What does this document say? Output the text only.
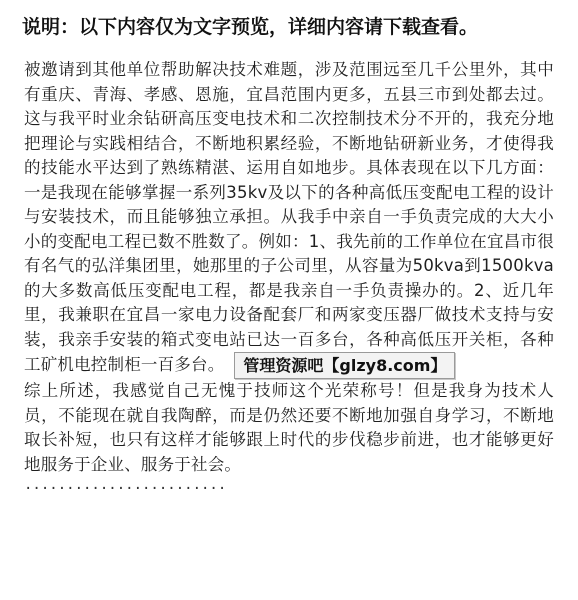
说明：以下内容仅为文字预览，详细内容请下载查看。

被邀请到其他单位帮助解决技术难题，涉及范围远至几千公里外，其中有重庆、青海、孝感、恩施，宜昌范围内更多，五县三市到处都去过。这与我平时业余钻研高压变电技术和二次控制技术分不开的，我充分地把理论与实践相结合，不断地积累经验，不断地钻研新业务，才使得我的技能水平达到了熟练精湛、运用自如地步。具体表现在以下几方面：一是我现在能够掌握一系列35kv及以下的各种高低压变配电工程的设计与安装技术，而且能够独立承担。从我手中亲自一手负责完成的大大小小的变配电工程已数不胜数了。例如：1、我先前的工作单位在宜昌市很有名气的弘洋集团里，她那里的子公司里，从容量为50kva到1500kva的大多数高低压变配电工程，都是我亲自一手负责操办的。2、近几年里，我兼职在宜昌一家电力设备配套厂和两家变压器厂做技术支持与安装，我亲手安装的箱式变电站已达一百多台，各种高低压开关柜，各种工矿机电控制柜一百多台。 管理资源吧【glzy8.com】

综上所述，我感觉自己无愧于技师这个光荣称号！但是我身为技术人员，不能现在就自我陶醉，而是仍然还要不断地加强自身学习，不断地取长补短，也只有这样才能够跟上时代的步伐稳步前进，也才能够更好地服务于企业、服务于社会。

························
